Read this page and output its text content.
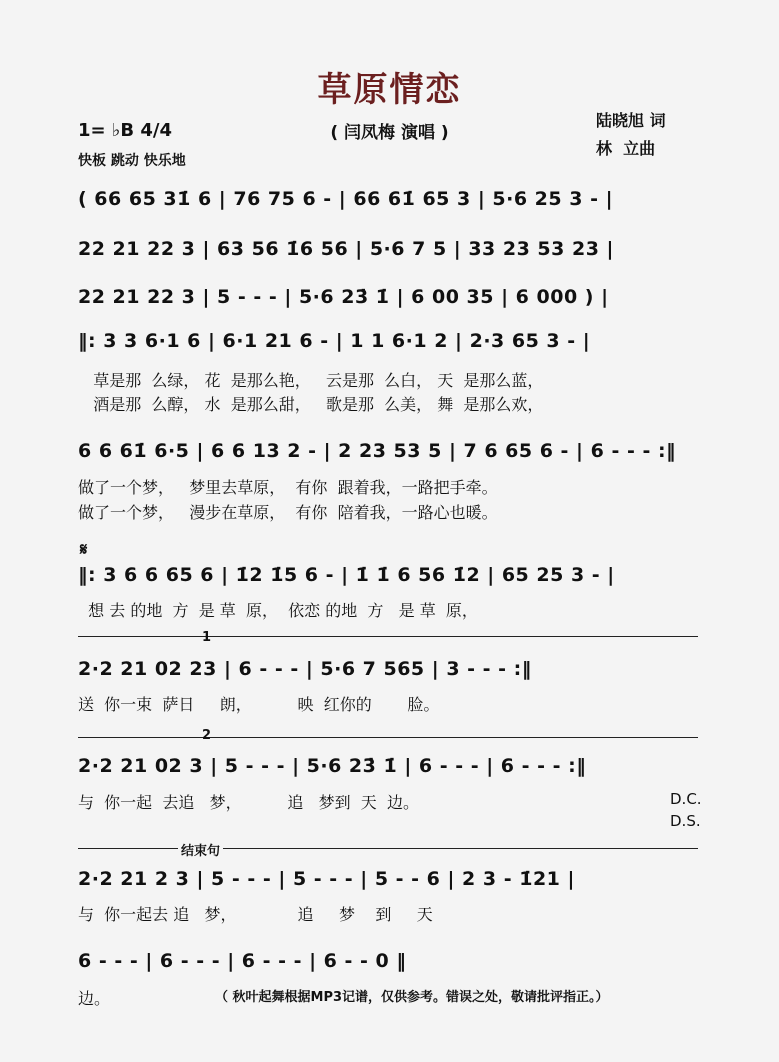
草原情恋
( 闫凤梅 演唱 )
1= ♭B 4/4
快板 跳动 快乐地
陆晓旭 词
林  立曲
( 66 65 31̇ 6 | 76 75 6 - | 66 61̇ 65 3 | 5·6 25 3 - |
22 21 22 3 | 63 56 1̇6 56 | 5·6 7 5 | 33 23 53 23 |
22 21 22 3 | 5 - - - | 5·6 23̇ 1̇ | 6 00 35 | 6 000 ) |
‖: 3 3 6·1 6 | 6·1 21 6 - | 1 1 6·1 2 | 2·3 65 3 - |
草是那  么绿， 花  是那么艳，   云是那  么白， 天  是那么蓝，
酒是那  么醇， 水  是那么甜，   歌是那  么美， 舞  是那么欢，
6 6 61̇ 6·5 | 6 6 13 2 - | 2 23 53 5 | 7 6 65 6 - | 6 - - - :‖
做了一个梦，   梦里去草原，  有你  跟着我，一路把手牵。
做了一个梦，   漫步在草原，  有你  陪着我，一路心也暖。
𝄋
‖: 3 6 6 65 6 | 1̇2 1̇5 6 - | 1̇ 1̇ 6 56 1̇2 | 65 25 3 - |
想 去 的地  方  是 草  原，  依恋 的地  方   是 草  原，
1
2·2 21 02 23 | 6 - - - | 5·6 7 565 | 3 - - - :‖
送  你一束  萨日     朗，         映  红你的       脸。
2
2·2 21 02 3 | 5 - - - | 5·6 23̇ 1̇ | 6 - - - | 6 - - - :‖
与  你一起  去追   梦，         追   梦到  天  边。	D.C.
D.S.
结束句
2·2 21 2 3 | 5 - - - | 5 - - - | 5 - - 6 | 2 3 - 1̇21 |
与  你一起去 追   梦，            追     梦    到     天
6 - - - | 6 - - - | 6 - - - | 6 - - 0 ‖
边。	（ 秋叶起舞根据MP3记谱，仅供参考。错误之处，敬请批评指正。）
